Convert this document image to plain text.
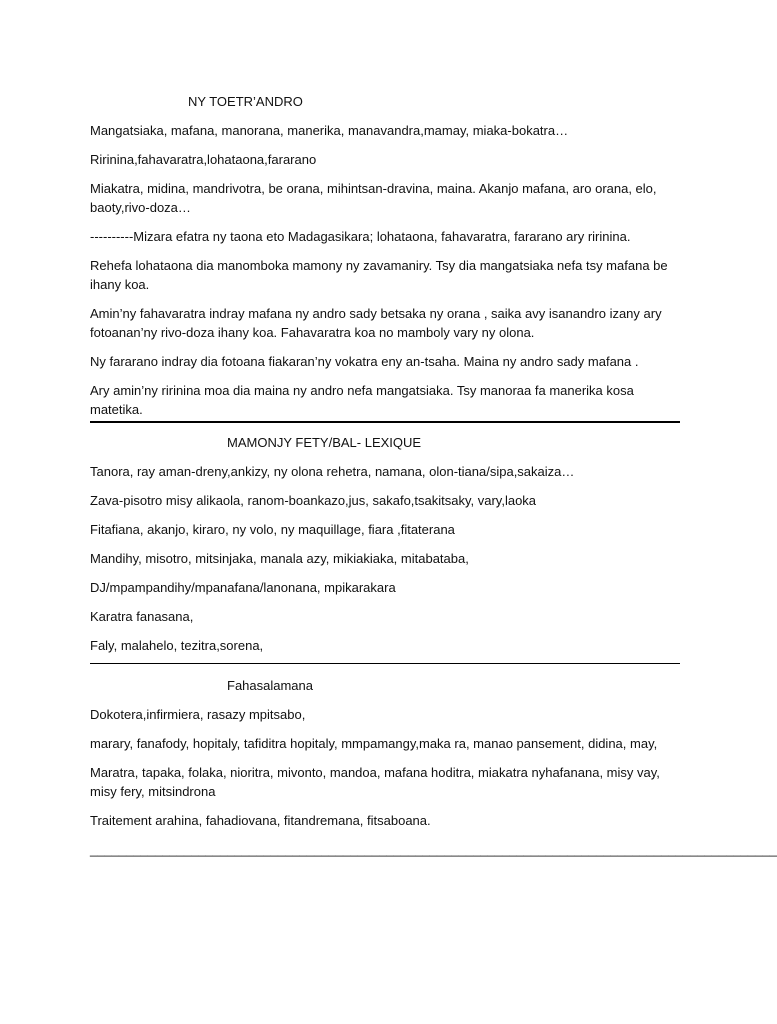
NY TOETR’ANDRO

Mangatsiaka, mafana, manorana, manerika, manavandra,mamay, miaka-bokatra…

Ririnina,fahavaratra,lohataona,fararano

Miakatra, midina, mandrivotra, be orana, mihintsan-dravina, maina. Akanjo mafana, aro orana, elo, baoty,rivo-doza…

----------Mizara efatra ny taona eto Madagasikara; lohataona, fahavaratra, fararano ary ririnina.

Rehefa lohataona dia manomboka mamony ny zavamaniry. Tsy dia mangatsiaka nefa tsy mafana be ihany koa.

Amin’ny fahavaratra indray mafana ny andro sady betsaka ny orana , saika avy isanandro izany ary fotoanan’ny rivo-doza ihany koa. Fahavaratra koa no mamboly vary ny olona.

Ny fararano indray dia fotoana fiakaran’ny vokatra eny an-tsaha. Maina ny andro sady mafana .

Ary amin’ny ririnina moa dia maina ny andro nefa mangatsiaka. Tsy manoraa fa manerika kosa matetika.

MAMONJY FETY/BAL- LEXIQUE

Tanora, ray aman-dreny,ankizy, ny olona rehetra, namana, olon-tiana/sipa,sakaiza…

Zava-pisotro misy alikaola, ranom-boankazo,jus, sakafo,tsakitsaky, vary,laoka

Fitafiana, akanjo, kiraro, ny volo, ny maquillage, fiara ,fitaterana

Mandihy, misotro, mitsinjaka, manala azy, mikiakiaka, mitabataba,

DJ/mpampandihy/mpanafana/lanonana, mpikarakara

Karatra fanasana,

Faly, malahelo, tezitra,sorena,

Fahasalamana

Dokotera,infirmiera, rasazy mpitsabo,

marary, fanafody, hopitaly, tafiditra hopitaly, mmpamangy,maka ra, manao pansement, didina, may,

Maratra, tapaka, folaka, nioritra, mivonto, mandoa, mafana hoditra, miakatra nyhafanana, misy vay, misy fery, mitsindrona

Traitement arahina, fahadiovana, fitandremana, fitsaboana.

_______________________________________________________________________________________________
